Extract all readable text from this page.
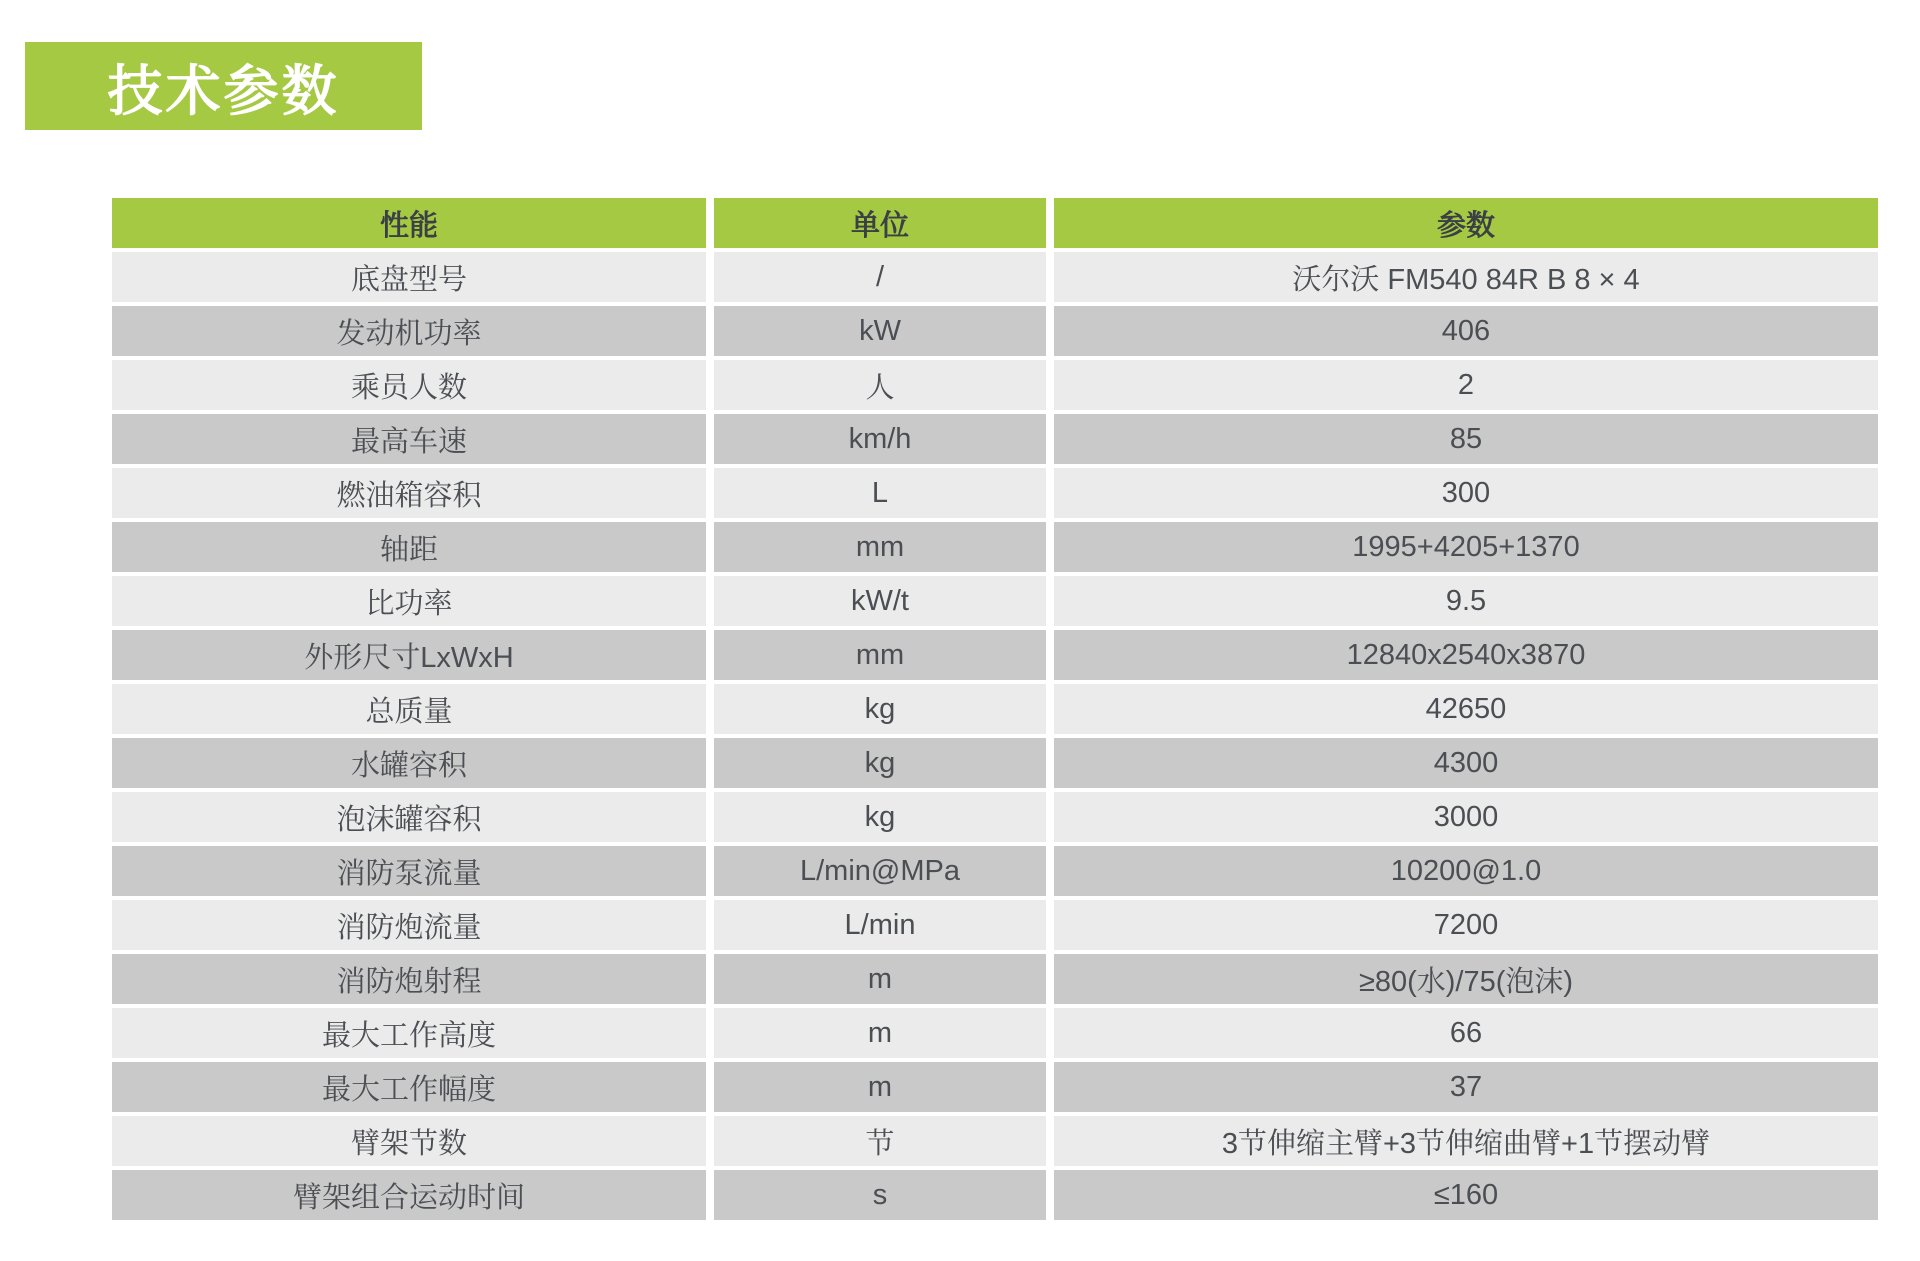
技术参数
性能	单位	参数
底盘型号	/	沃尔沃 FM540 84R B 8 × 4
发动机功率	kW	406
乘员人数	人	2
最高车速	km/h	85
燃油箱容积	L	300
轴距	mm	1995+4205+1370
比功率	kW/t	9.5
外形尺寸LxWxH	mm	12840x2540x3870
总质量	kg	42650
水罐容积	kg	4300
泡沫罐容积	kg	3000
消防泵流量	L/min@MPa	10200@1.0
消防炮流量	L/min	7200
消防炮射程	m	≥80(水)/75(泡沫)
最大工作高度	m	66
最大工作幅度	m	37
臂架节数	节	3节伸缩主臂+3节伸缩曲臂+1节摆动臂
臂架组合运动时间	s	≤160
